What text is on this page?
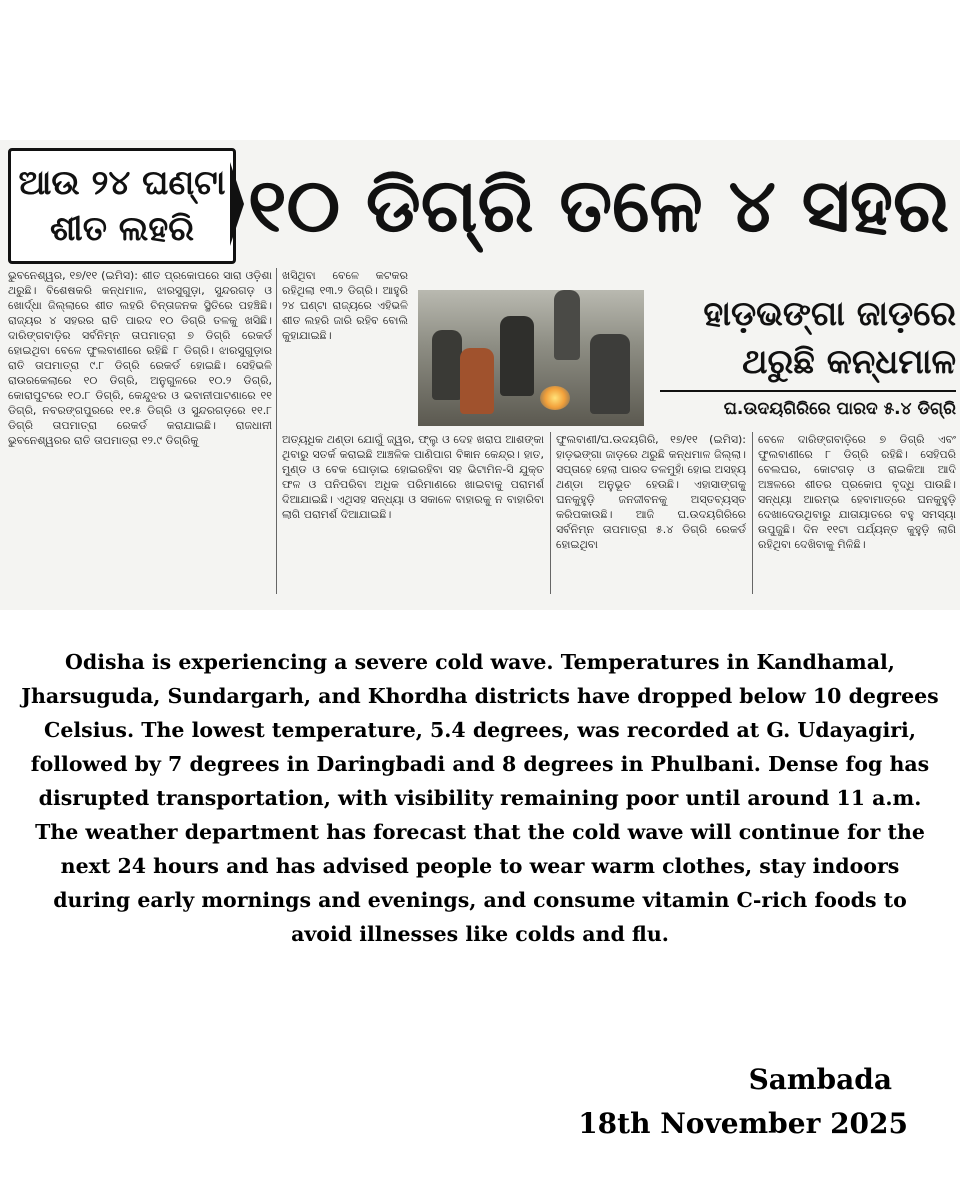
ଆଉ ୨୪ ଘଣ୍ଟା
ଶୀତ ଲହରି ୧୦ ଡିଗ୍ରି ତଳେ ୪ ସହର
ଭୁବନେଶ୍ୱର, ୧୭/୧୧ (ଇମିସ): ଶୀତ ପ୍ରକୋପରେ ସାରା ଓଡ଼ିଶା ଥରୁଛି। ବିଶେଷକରି କନ୍ଧମାଳ, ଝାରସୁଗୁଡ଼ା, ସୁନ୍ଦରଗଡ଼ ଓ ଖୋର୍ଦ୍ଧା ଜିଲ୍ଲାରେ ଶୀତ ଲହରି ଚିନ୍ତାଜନକ ସ୍ଥିତିରେ ପହଞ୍ଚିଛି। ରାଜ୍ୟର ୪ ସହରର ରାତି ପାରଦ ୧୦ ଡିଗ୍ରି ତଳକୁ ଖସିଛି। ଦାରିଙ୍ଗବାଡ଼ିର ସର୍ବନିମ୍ନ ତାପମାତ୍ରା ୭ ଡିଗ୍ରି ରେକର୍ଡ ହୋଇଥିବା ବେଳେ ଫୁଲବାଣୀରେ ରହିଛି ୮ ଡିଗ୍ରି। ଝାରସୁଗୁଡ଼ାର ରାତି ତାପମାତ୍ରା ୯.୮ ଡିଗ୍ରି ରେକର୍ଡ ହୋଇଛି। ସେହିଭଳି ରାଉରକେଲାରେ ୧୦ ଡିଗ୍ରି, ଅନୁଗୁଳରେ ୧୦.୨ ଡିଗ୍ରି, କୋରାପୁଟରେ ୧୦.୮ ଡିଗ୍ରି, କେନ୍ଦୁଝର ଓ ଭବାନୀପାଟଣାରେ ୧୧ ଡିଗ୍ରି, ନବରଙ୍ଗପୁରରେ ୧୧.୫ ଡିଗ୍ରି ଓ ସୁନ୍ଦରଗଡ଼ରେ ୧୧.୮ ଡିଗ୍ରି ତାପମାତ୍ରା ରେକର୍ଡ କରାଯାଇଛି। ରାଜଧାନୀ ଭୁବନେଶ୍ୱରର ରାତି ତାପମାତ୍ରା ୧୨.୯ ଡିଗ୍ରିକୁ
ଖସିଥିବା ବେଳେ କଟକର ରହିଥିଲା ୧୩.୨ ଡିଗ୍ରି। ଆହୁରି ୨୪ ଘଣ୍ଟା ରାଜ୍ୟରେ ଏହିଭଳି ଶୀତ ଲହରି ଜାରି ରହିବ ବୋଲି କୁହାଯାଇଛି।
ହାଡ଼ଭଙ୍ଗା ଜାଡ଼ରେ
ଥରୁଛି କନ୍ଧମାଳ
ଘ.ଉଦୟଗିରିରେ ପାରଦ ୫.୪ ଡିଗ୍ରି
ଅତ୍ୟଧିକ ଥଣ୍ଡା ଯୋଗୁଁ ଜ୍ୱର, ଫ୍ଲୁ ଓ ଦେହ ଖରାପ ଆଶଙ୍କା ଥିବାରୁ ସତର୍କ କରାଇଛି ଆଞ୍ଚଳିକ ପାଣିପାଗ ବିଜ୍ଞାନ କେନ୍ଦ୍ର। ହାତ, ମୁଣ୍ଡ ଓ ବେକ ଘୋଡ଼ାଇ ହୋଇରହିବା ସହ ଭିଟାମିନ-ସି ଯୁକ୍ତ ଫଳ ଓ ପନିପରିବା ଅଧିକ ପରିମାଣରେ ଖାଇବାକୁ ପରାମର୍ଶ ଦିଆଯାଇଛି। ଏଥିସହ ସନ୍ଧ୍ୟା ଓ ସକାଳେ ବାହାରକୁ ନ ବାହାରିବା ଲାଗି ପରାମର୍ଶ ଦିଆଯାଇଛି।
ଫୁଲବାଣୀ/ଘ.ଉଦୟଗିରି, ୧୭/୧୧ (ଇମିସ): ହାଡ଼ଭଙ୍ଗା ଜାଡ଼ରେ ଥରୁଛି କନ୍ଧମାଳ ଜିଲ୍ଲା। ସପ୍ତାହେ ହେଲା ପାରଦ ତଳମୁହାଁ ହୋଇ ଅସହ୍ୟ ଥଣ୍ଡା ଅନୁଭୂତ ହେଉଛି। ଏହାସାଙ୍ଗକୁ ଘନକୁହୁଡ଼ି ଜନଜୀବନକୁ ଅସ୍ତବ୍ୟସ୍ତ କରିପକାଉଛି। ଆଜି ଘ.ଉଦୟଗିରିରେ ସର୍ବନିମ୍ନ ତାପମାତ୍ରା ୫.୪ ଡିଗ୍ରି ରେକର୍ଡ ହୋଇଥିବା
ବେଳେ ଦାରିଙ୍ଗବାଡ଼ିରେ ୭ ଡିଗ୍ରି ଏବଂ ଫୁଲବାଣୀରେ ୮ ଡିଗ୍ରି ରହିଛି। ସେହିପରି ବେଲଘର, କୋଟଗଡ଼ ଓ ରାଇକିଆ ଆଦି ଅଞ୍ଚଳରେ ଶୀତର ପ୍ରକୋପ ବୃଦ୍ଧି ପାଉଛି। ସନ୍ଧ୍ୟା ଆରମ୍ଭ ହେବାମାତ୍ରେ ଘନକୁହୁଡ଼ି ଦେଖାଦେଉଥିବାରୁ ଯାତାୟାତରେ ବହୁ ସମସ୍ୟା ଉପୁଜୁଛି। ଦିନ ୧୧ଟା ପର୍ଯ୍ୟନ୍ତ କୁହୁଡ଼ି ଲାଗି ରହିଥିବା ଦେଖିବାକୁ ମିଳିଛି।
Odisha is experiencing a severe cold wave. Temperatures in Kandhamal, Jharsuguda, Sundargarh, and Khordha districts have dropped below 10 degrees Celsius. The lowest temperature, 5.4 degrees, was recorded at G. Udayagiri, followed by 7 degrees in Daringbadi and 8 degrees in Phulbani. Dense fog has disrupted transportation, with visibility remaining poor until around 11 a.m. The weather department has forecast that the cold wave will continue for the next 24 hours and has advised people to wear warm clothes, stay indoors during early mornings and evenings, and consume vitamin C-rich foods to avoid illnesses like colds and flu.
Sambada
18th November 2025
